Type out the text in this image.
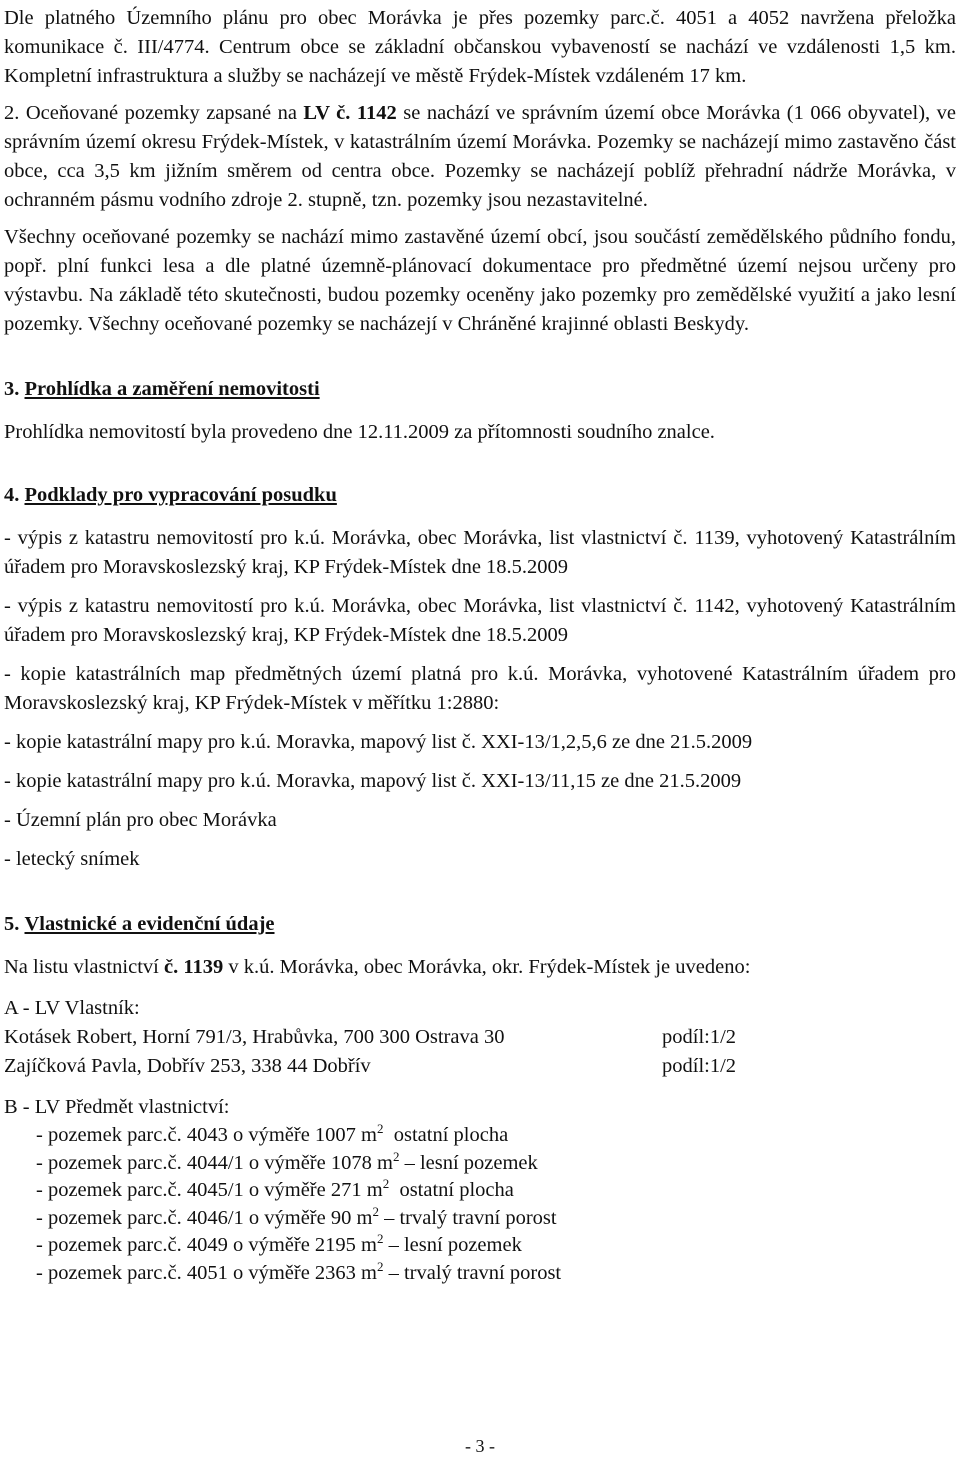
Dle platného Územního plánu pro obec Morávka je přes pozemky parc.č. 4051 a 4052 navržena přeložka komunikace č. III/4774. Centrum obce se základní občanskou vybaveností se nachází ve vzdálenosti 1,5 km. Kompletní infrastruktura a služby se nacházejí ve městě Frýdek-Místek vzdáleném 17 km.

2. Oceňované pozemky zapsané na LV č. 1142 se nachází ve správním území obce Morávka (1 066 obyvatel), ve správním území okresu Frýdek-Místek, v katastrálním území Morávka. Pozemky se nacházejí mimo zastavěno část obce, cca 3,5 km jižním směrem od centra obce. Pozemky se nacházejí poblíž přehradní nádrže Morávka, v ochranném pásmu vodního zdroje 2. stupně, tzn. pozemky jsou nezastavitelné.

Všechny oceňované pozemky se nachází mimo zastavěné území obcí, jsou součástí zemědělského půdního fondu, popř. plní funkci lesa a dle platné územně-plánovací dokumentace pro předmětné území nejsou určeny pro výstavbu. Na základě této skutečnosti, budou pozemky oceněny jako pozemky pro zemědělské využití a jako lesní pozemky. Všechny oceňované pozemky se nacházejí v Chráněné krajinné oblasti Beskydy.

3. Prohlídka a zaměření nemovitosti

Prohlídka nemovitostí byla provedeno dne 12.11.2009 za přítomnosti soudního znalce.

4. Podklady pro vypracování posudku

- výpis z katastru nemovitostí pro k.ú. Morávka, obec Morávka, list vlastnictví č. 1139, vyhotovený Katastrálním úřadem pro Moravskoslezský kraj, KP Frýdek-Místek dne 18.5.2009

- výpis z katastru nemovitostí pro k.ú. Morávka, obec Morávka, list vlastnictví č. 1142, vyhotovený Katastrálním úřadem pro Moravskoslezský kraj, KP Frýdek-Místek dne 18.5.2009

- kopie katastrálních map předmětných území platná pro k.ú. Morávka, vyhotovené Katastrálním úřadem pro Moravskoslezský kraj, KP Frýdek-Místek v měřítku 1:2880:

- kopie katastrální mapy pro k.ú. Moravka, mapový list č. XXI-13/1,2,5,6 ze dne 21.5.2009

- kopie katastrální mapy pro k.ú. Moravka, mapový list č. XXI-13/11,15 ze dne 21.5.2009

- Územní plán pro obec Morávka

- letecký snímek

5. Vlastnické a evidenční údaje

Na listu vlastnictví č. 1139 v k.ú. Morávka, obec Morávka, okr. Frýdek-Místek je uvedeno:

A - LV Vlastník:

Kotásek Robert, Horní 791/3, Hrabůvka, 700 300 Ostrava 30	podíl:1/2
Zajíčková Pavla, Dobřív 253, 338 44 Dobřív	podíl:1/2

B - LV Předmět vlastnictví:

- pozemek parc.č. 4043 o výměře 1007 $m^2$  ostatní plocha
- pozemek parc.č. 4044/1 o výměře 1078 $m^2$ – lesní pozemek
- pozemek parc.č. 4045/1 o výměře 271 $m^2$  ostatní plocha
- pozemek parc.č. 4046/1 o výměře 90 $m^2$ – trvalý travní porost
- pozemek parc.č. 4049 o výměře 2195 $m^2$ – lesní pozemek
- pozemek parc.č. 4051 o výměře 2363 $m^2$ – trvalý travní porost
- 3 -
